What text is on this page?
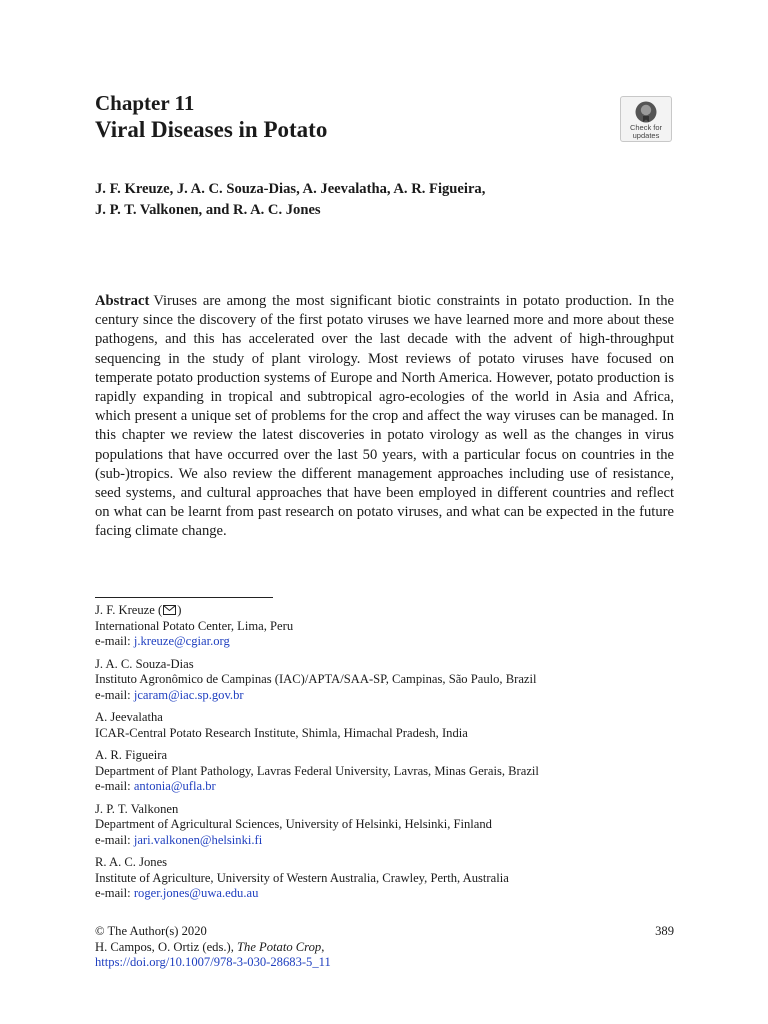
Chapter 11
Viral Diseases in Potato	Check for
updates
J. F. Kreuze, J. A. C. Souza-Dias, A. Jeevalatha, A. R. Figueira,
J. P. T. Valkonen, and R. A. C. Jones

Abstract Viruses are among the most significant biotic constraints in potato production. In the century since the discovery of the first potato viruses we have learned more and more about these pathogens, and this has accelerated over the last decade with the advent of high-throughput sequencing in the study of plant virology. Most reviews of potato viruses have focused on temperate potato production systems of Europe and North America. However, potato production is rapidly expanding in tropical and subtropical agro-ecologies of the world in Asia and Africa, which present a unique set of problems for the crop and affect the way viruses can be managed. In this chapter we review the latest discoveries in potato virology as well as the changes in virus populations that have occurred over the last 50 years, with a particular focus on countries in the (sub-)tropics. We also review the different management approaches including use of resistance, seed systems, and cultural approaches that have been employed in different countries and reflect on what can be learnt from past research on potato viruses, and what can be expected in the future facing climate change.

J. F. Kreuze ( )
International Potato Center, Lima, Peru
e-mail: j.kreuze@cgiar.org
J. A. C. Souza-Dias
Instituto Agronômico de Campinas (IAC)/APTA/SAA-SP, Campinas, São Paulo, Brazil
e-mail: jcaram@iac.sp.gov.br
A. Jeevalatha
ICAR-Central Potato Research Institute, Shimla, Himachal Pradesh, India
A. R. Figueira
Department of Plant Pathology, Lavras Federal University, Lavras, Minas Gerais, Brazil
e-mail: antonia@ufla.br
J. P. T. Valkonen
Department of Agricultural Sciences, University of Helsinki, Helsinki, Finland
e-mail: jari.valkonen@helsinki.fi
R. A. C. Jones
Institute of Agriculture, University of Western Australia, Crawley, Perth, Australia
e-mail: roger.jones@uwa.edu.au
389
© The Author(s) 2020
H. Campos, O. Ortiz (eds.), The Potato Crop,
https://doi.org/10.1007/978-3-030-28683-5_11
